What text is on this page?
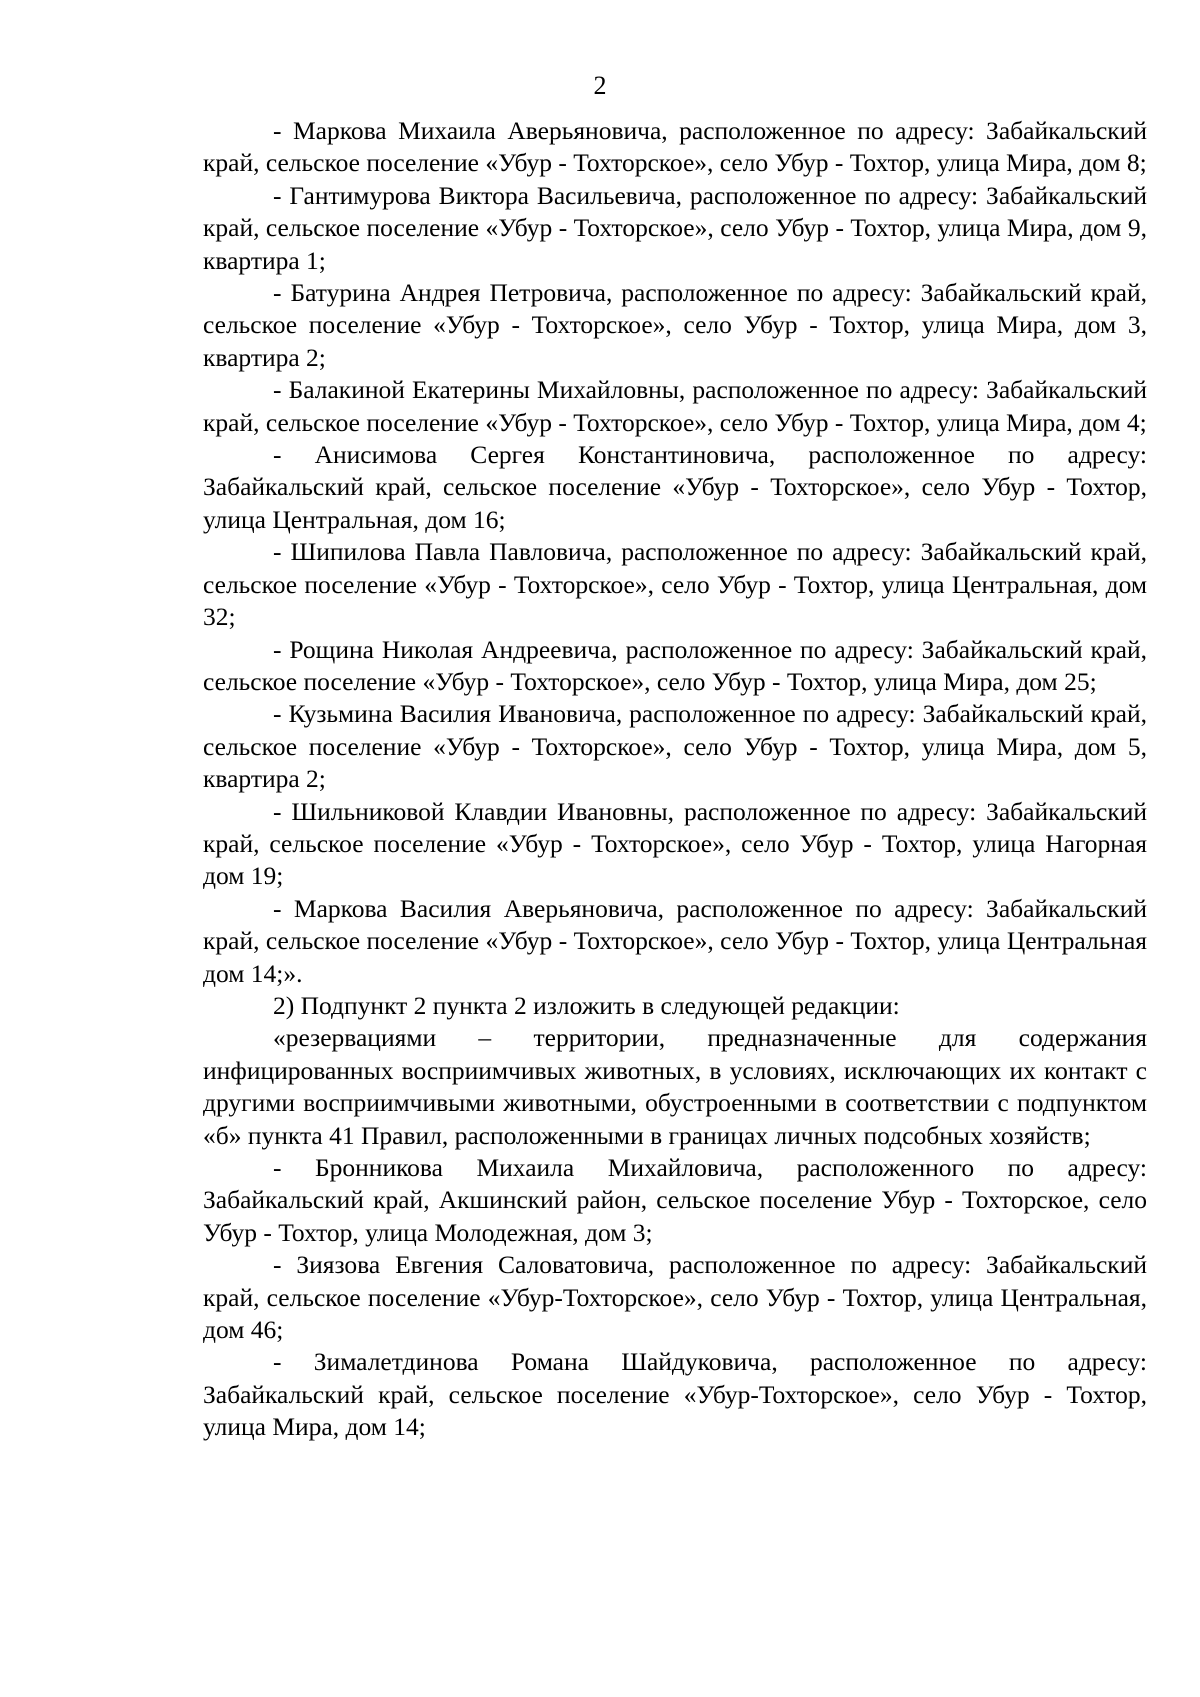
2

- Маркова Михаила Аверьяновича, расположенное по адресу: Забайкальский край, сельское поселение «Убур - Тохторское», село Убур - Тохтор, улица Мира, дом 8;

- Гантимурова Виктора Васильевича, расположенное по адресу: Забайкальский край, сельское поселение «Убур - Тохторское», село Убур - Тохтор, улица Мира, дом 9, квартира 1;

- Батурина Андрея Петровича, расположенное по адресу: Забайкальский край, сельское поселение «Убур - Тохторское», село Убур - Тохтор, улица Мира, дом 3, квартира 2;

- Балакиной Екатерины Михайловны, расположенное по адресу: Забайкальский край, сельское поселение «Убур - Тохторское», село Убур - Тохтор, улица Мира, дом 4;

- Анисимова Сергея Константиновича, расположенное по адресу: Забайкальский край, сельское поселение «Убур - Тохторское», село Убур - Тохтор, улица Центральная, дом 16;

- Шипилова Павла Павловича, расположенное по адресу: Забайкальский край, сельское поселение «Убур - Тохторское», село Убур - Тохтор, улица Центральная, дом 32;

- Рощина Николая Андреевича, расположенное по адресу: Забайкальский край, сельское поселение «Убур - Тохторское», село Убур - Тохтор, улица Мира, дом 25;

- Кузьмина Василия Ивановича, расположенное по адресу: Забайкальский край, сельское поселение «Убур - Тохторское», село Убур - Тохтор, улица Мира, дом 5, квартира 2;

- Шильниковой Клавдии Ивановны, расположенное по адресу: Забайкальский край, сельское поселение «Убур - Тохторское», село Убур - Тохтор, улица Нагорная дом 19;

- Маркова Василия Аверьяновича, расположенное по адресу: Забайкальский край, сельское поселение «Убур - Тохторское», село Убур - Тохтор, улица Центральная дом 14;».

2) Подпункт 2 пункта 2 изложить в следующей редакции:

«резервациями – территории, предназначенные для содержания инфицированных восприимчивых животных, в условиях, исключающих их контакт с другими восприимчивыми животными, обустроенными в соответствии с подпунктом «б» пункта 41 Правил, расположенными в границах личных подсобных хозяйств;

- Бронникова Михаила Михайловича, расположенного по адресу: Забайкальский край, Акшинский район, сельское поселение Убур - Тохторское, село Убур - Тохтор, улица Молодежная, дом 3;

- Зиязова Евгения Саловатовича, расположенное по адресу: Забайкальский край, сельское поселение «Убур-Тохторское», село Убур - Тохтор, улица Центральная, дом 46;

- Зималетдинова Романа Шайдуковича, расположенное по адресу: Забайкальский край, сельское поселение «Убур-Тохторское», село Убур - Тохтор, улица Мира, дом 14;
